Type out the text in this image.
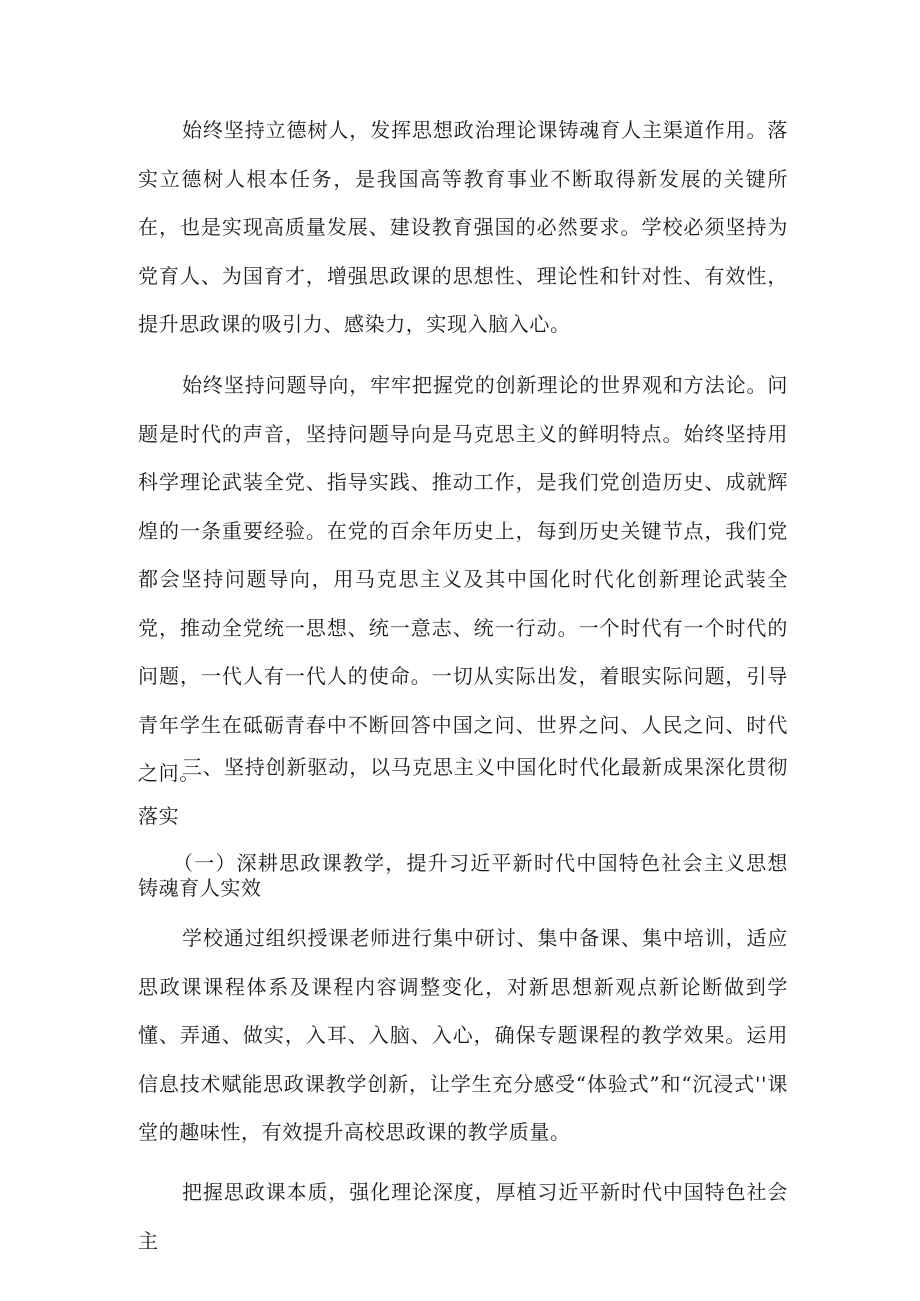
始终坚持立德树人，发挥思想政治理论课铸魂育人主渠道作用。落实立德树人根本任务，是我国高等教育事业不断取得新发展的关键所在，也是实现高质量发展、建设教育强国的必然要求。学校必须坚持为党育人、为国育才，增强思政课的思想性、理论性和针对性、有效性，提升思政课的吸引力、感染力，实现入脑入心。

始终坚持问题导向，牢牢把握党的创新理论的世界观和方法论。问题是时代的声音，坚持问题导向是马克思主义的鲜明特点。始终坚持用科学理论武装全党、指导实践、推动工作，是我们党创造历史、成就辉煌的一条重要经验。在党的百余年历史上，每到历史关键节点，我们党都会坚持问题导向，用马克思主义及其中国化时代化创新理论武装全党，推动全党统一思想、统一意志、统一行动。一个时代有一个时代的问题，一代人有一代人的使命。一切从实际出发，着眼实际问题，引导青年学生在砥砺青春中不断回答中国之问、世界之问、人民之问、时代之问。

三、坚持创新驱动，以马克思主义中国化时代化最新成果深化贯彻落实

（一）深耕思政课教学，提升习近平新时代中国特色社会主义思想铸魂育人实效

学校通过组织授课老师进行集中研讨、集中备课、集中培训，适应思政课课程体系及课程内容调整变化，对新思想新观点新论断做到学懂、弄通、做实，入耳、入脑、入心，确保专题课程的教学效果。运用信息技术赋能思政课教学创新，让学生充分感受“体验式”和“沉浸式''课堂的趣味性，有效提升高校思政课的教学质量。

把握思政课本质，强化理论深度，厚植习近平新时代中国特色社会主
